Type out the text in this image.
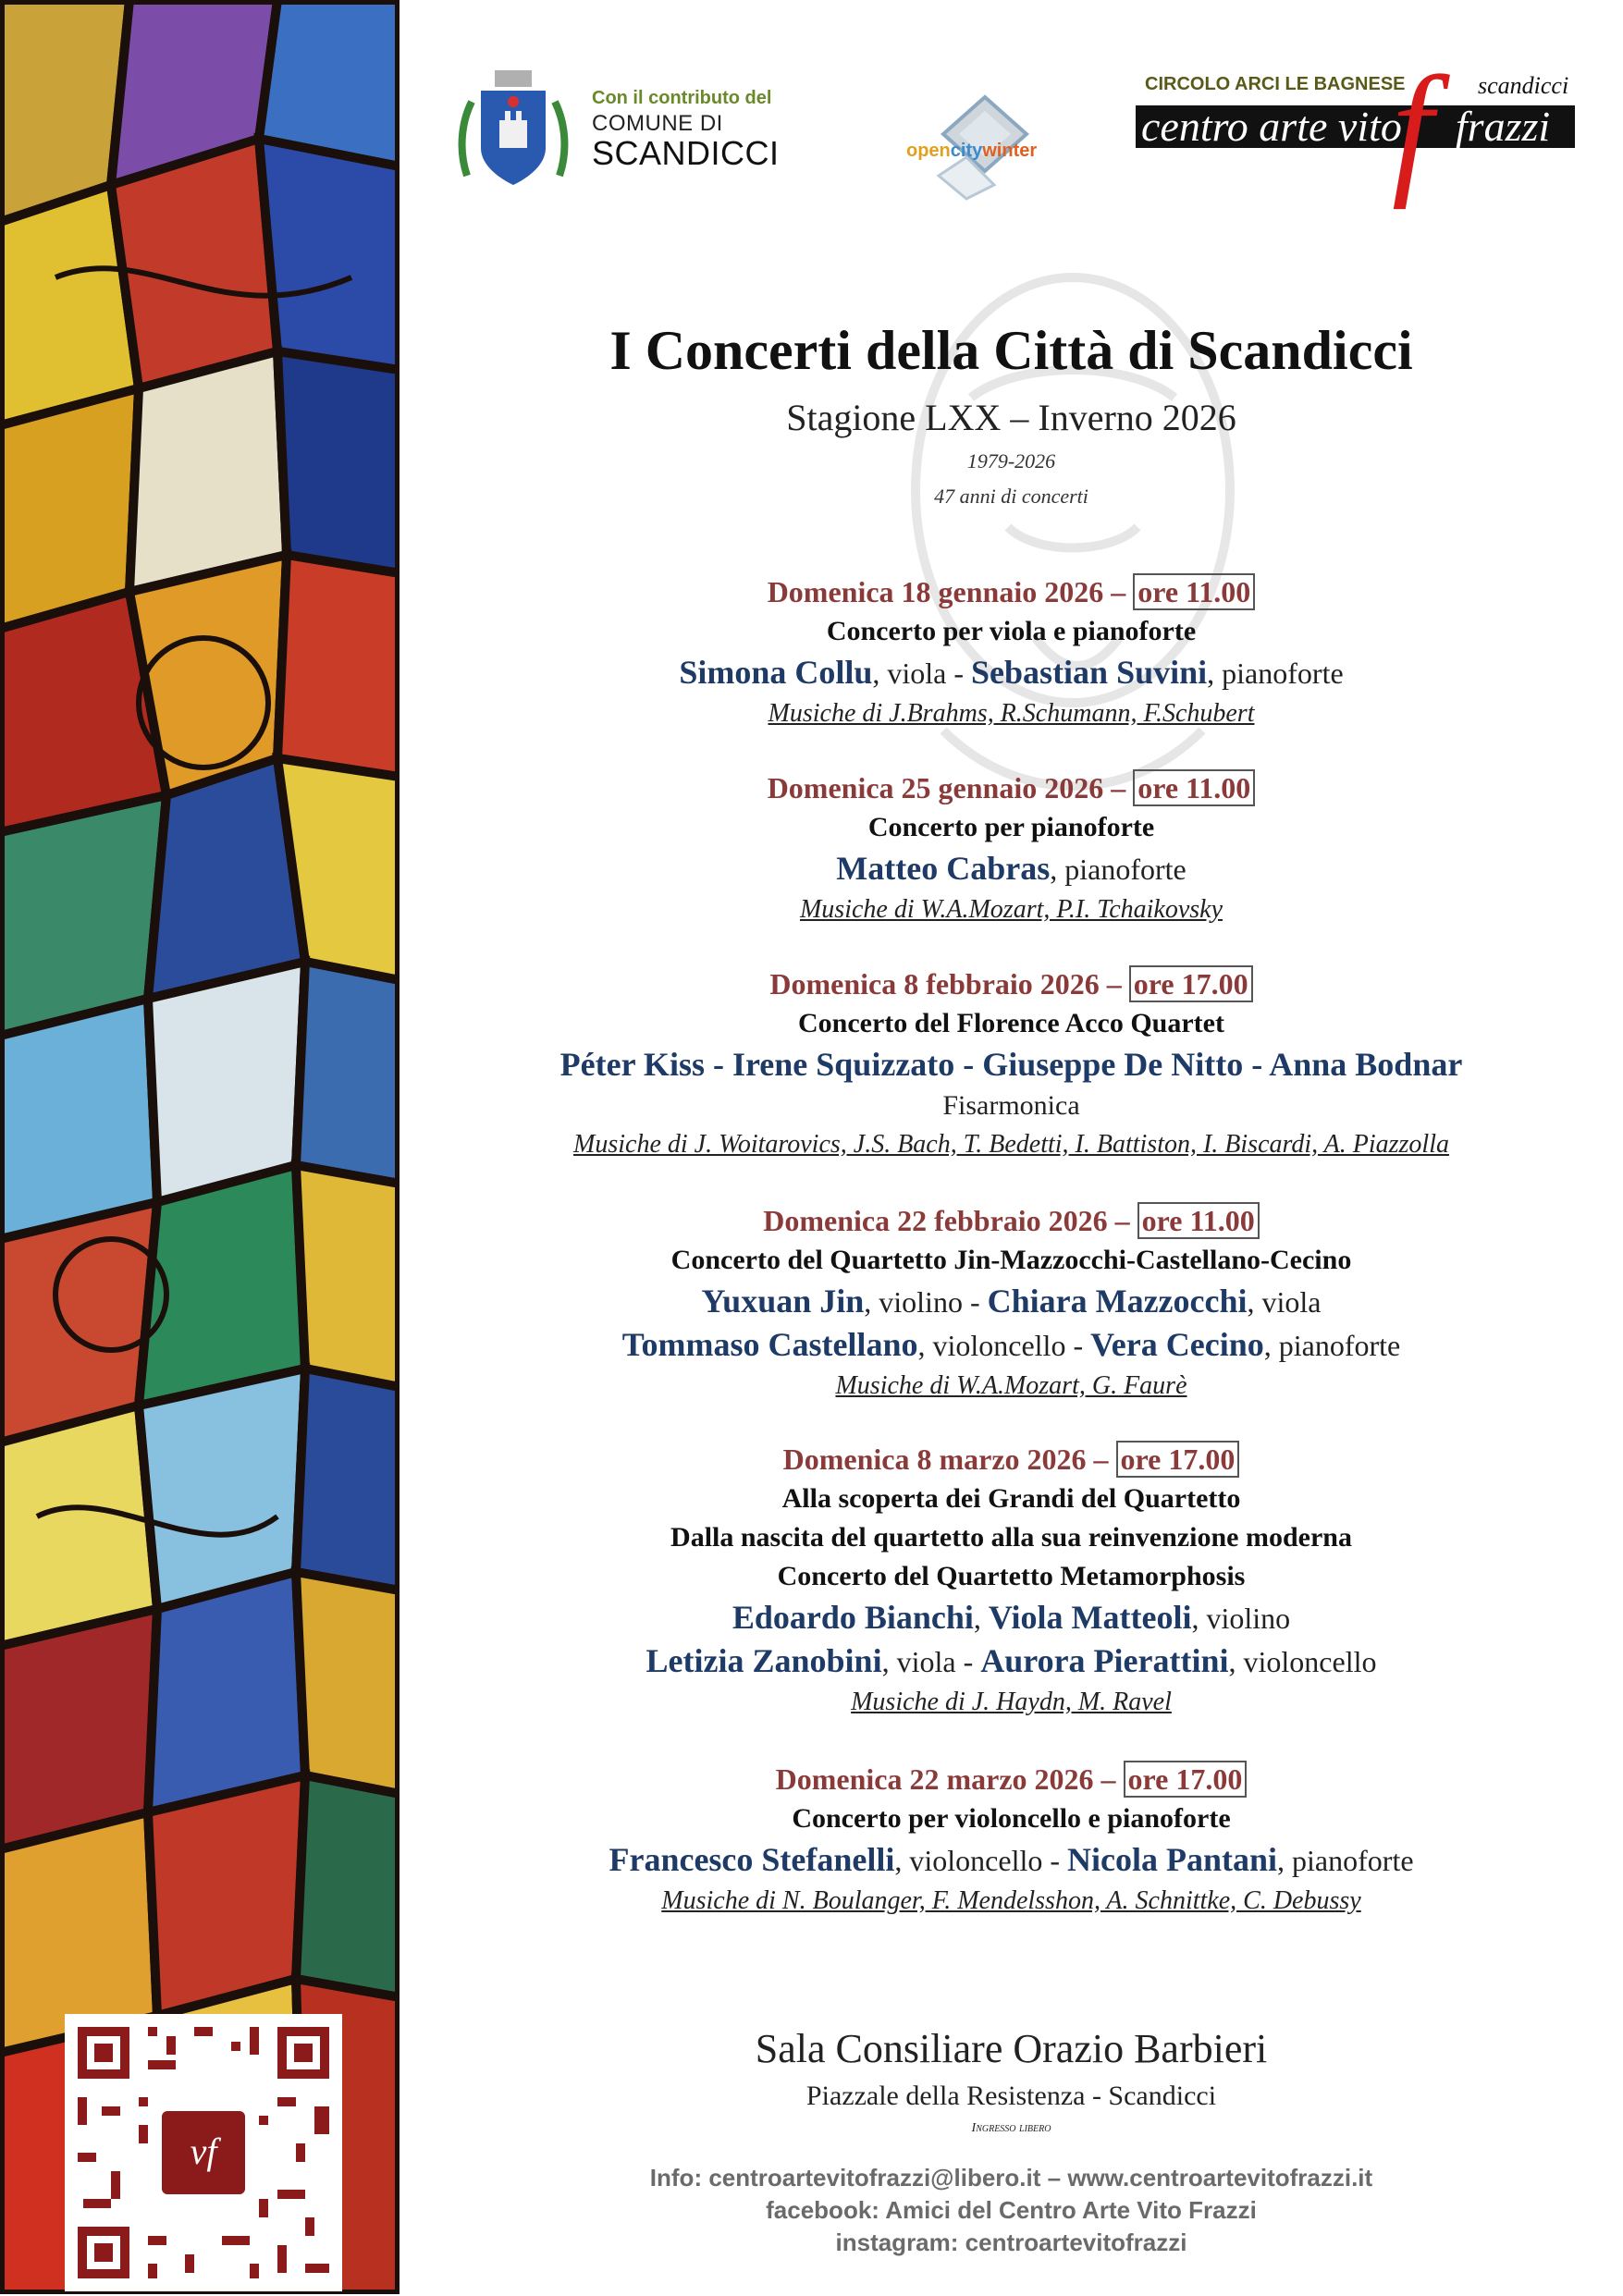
vf
Con il contributo del
COMUNE DI
SCANDICCI	opencitywinter
CIRCOLO ARCI LE BAGNESE	scandicci
centro arte vito frazzi
f
I Concerti della Città di Scandicci
Stagione LXX – Inverno 2026
1979-2026
47 anni di concerti
Domenica 18 gennaio 2026 – ore 11.00
Concerto per viola e pianoforte
Simona Collu, viola - Sebastian Suvini, pianoforte
Musiche di J.Brahms, R.Schumann, F.Schubert
Domenica 25 gennaio 2026 – ore 11.00
Concerto per pianoforte
Matteo Cabras, pianoforte
Musiche di W.A.Mozart, P.I. Tchaikovsky
Domenica 8 febbraio 2026 – ore 17.00
Concerto del Florence Acco Quartet
Péter Kiss - Irene Squizzato - Giuseppe De Nitto - Anna Bodnar
Fisarmonica
Musiche di J. Woitarovics, J.S. Bach, T. Bedetti, I. Battiston, I. Biscardi, A. Piazzolla
Domenica 22 febbraio 2026 – ore 11.00
Concerto del Quartetto Jin-Mazzocchi-Castellano-Cecino
Yuxuan Jin, violino - Chiara Mazzocchi, viola
Tommaso Castellano, violoncello - Vera Cecino, pianoforte
Musiche di W.A.Mozart, G. Faurè
Domenica 8 marzo 2026 – ore 17.00
Alla scoperta dei Grandi del Quartetto
Dalla nascita del quartetto alla sua reinvenzione moderna
Concerto del Quartetto Metamorphosis
Edoardo Bianchi, Viola Matteoli, violino
Letizia Zanobini, viola - Aurora Pierattini, violoncello
Musiche di J. Haydn, M. Ravel
Domenica 22 marzo 2026 – ore 17.00
Concerto per violoncello e pianoforte
Francesco Stefanelli, violoncello - Nicola Pantani, pianoforte
Musiche di N. Boulanger, F. Mendelsshon, A. Schnittke, C. Debussy
Sala Consiliare Orazio Barbieri
Piazzale della Resistenza - Scandicci
Ingresso libero
Info: centroartevitofrazzi@libero.it – www.centroartevitofrazzi.it
facebook: Amici del Centro Arte Vito Frazzi
instagram: centroartevitofrazzi
